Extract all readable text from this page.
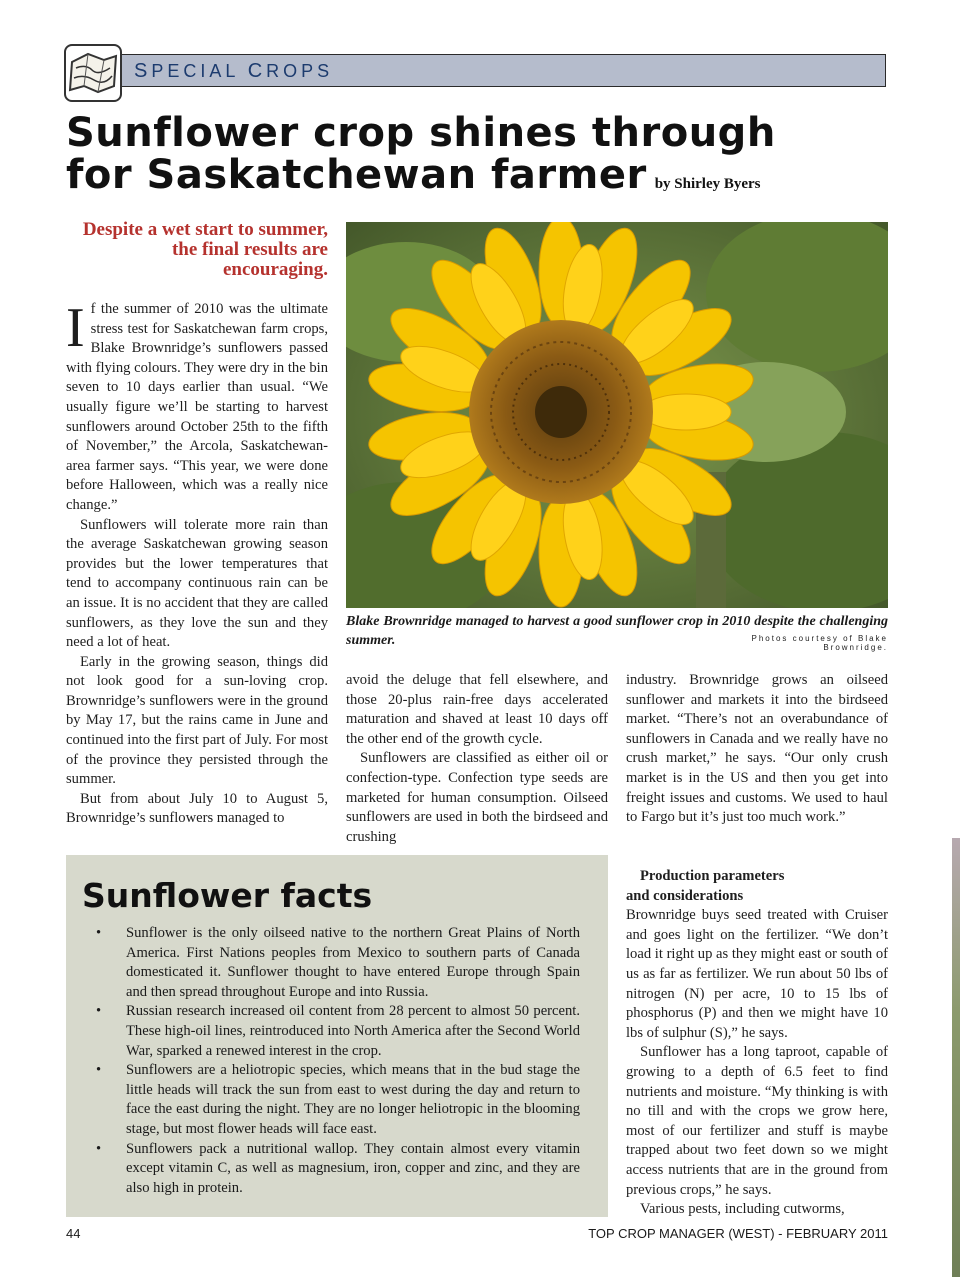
SPECIAL CROPS
Sunflower crop shines through
for Saskatchewan farmer by Shirley Byers
Despite a wet start to summer, the final results are encouraging.

If the summer of 2010 was the ultimate stress test for Saskatchewan farm crops, Blake Brownridge’s sunflowers passed with flying colours. They were dry in the bin seven to 10 days earlier than usual. “We usually figure we’ll be starting to harvest sunflowers around October 25th to the fifth of November,” the Arcola, Saskatchewan-area farmer says. “This year, we were done before Halloween, which was a really nice change.”

Sunflowers will tolerate more rain than the average Saskatchewan growing season provides but the lower temperatures that tend to accompany continuous rain can be an issue. It is no accident that they are called sunflowers, as they love the sun and they need a lot of heat.

Early in the growing season, things did not look good for a sun-loving crop. Brownridge’s sunflowers were in the ground by May 17, but the rains came in June and continued into the first part of July. For most of the province they persisted through the summer.

But from about July 10 to August 5, Brownridge’s sunflowers managed to

Blake Brownridge managed to harvest a good sunflower crop in 2010 despite the challenging summer.	Photos courtesy of Blake Brownridge.

avoid the deluge that fell elsewhere, and those 20-plus rain-free days accelerated maturation and shaved at least 10 days off the other end of the growth cycle.

Sunflowers are classified as either oil or confection-type. Confection type seeds are marketed for human consumption. Oilseed sunflowers are used in both the birdseed and crushing

industry. Brownridge grows an oilseed sunflower and markets it into the birdseed market. “There’s not an overabundance of sunflowers in Canada and we really have no crush market,” he says. “Our only crush market is in the US and then you get into freight issues and customs. We used to haul to Fargo but it’s just too much work.”

Production parameters
and considerations

Brownridge buys seed treated with Cruiser and goes light on the fertilizer. “We don’t load it right up as they might east or south of us as far as fertilizer. We run about 50 lbs of nitrogen (N) per acre, 10 to 15 lbs of phosphorus (P) and then we might have 10 lbs of sulphur (S),” he says.

Sunflower has a long taproot, capable of growing to a depth of 6.5 feet to find nutrients and moisture. “My thinking is with no till and with the crops we grow here, most of our fertilizer and stuff is maybe trapped about two feet down so we might access nutrients that are in the ground from previous crops,” he says.

Various pests, including cutworms,

Sunflower facts
• Sunflower is the only oilseed native to the northern Great Plains of North America. First Nations peoples from Mexico to southern parts of Canada domesticated it. Sunflower thought to have entered Europe through Spain and then spread throughout Europe and into Russia.
• Russian research increased oil content from 28 percent to almost 50 percent. These high-oil lines, reintroduced into North America after the Second World War, sparked a renewed interest in the crop.
• Sunflowers are a heliotropic species, which means that in the bud stage the little heads will track the sun from east to west during the day and return to face the east during the night. They are no longer heliotropic in the blooming stage, but most flower heads will face east.
• Sunflowers pack a nutritional wallop. They contain almost every vitamin except vitamin C, as well as magnesium, iron, copper and zinc, and they are also high in protein.
44	TOP CROP MANAGER (WEST) - FEBRUARY 2011
